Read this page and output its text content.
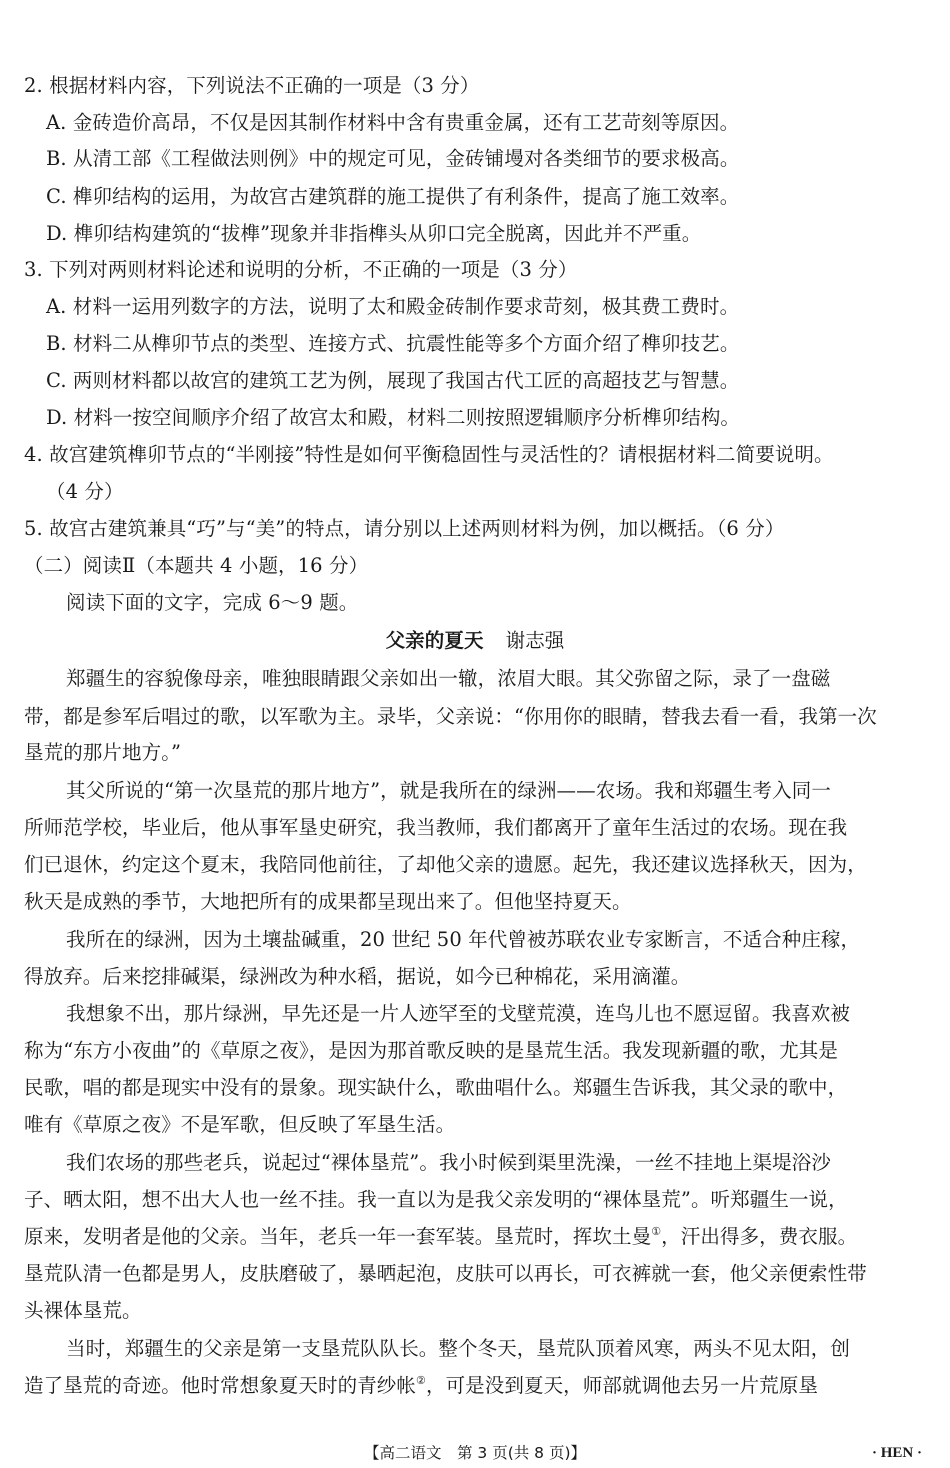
2. 根据材料内容，下列说法不正确的一项是（3 分）
A. 金砖造价高昂，不仅是因其制作材料中含有贵重金属，还有工艺苛刻等原因。
B. 从清工部《工程做法则例》中的规定可见，金砖铺墁对各类细节的要求极高。
C. 榫卯结构的运用，为故宫古建筑群的施工提供了有利条件，提高了施工效率。
D. 榫卯结构建筑的“拔榫”现象并非指榫头从卯口完全脱离，因此并不严重。
3. 下列对两则材料论述和说明的分析，不正确的一项是（3 分）
A. 材料一运用列数字的方法，说明了太和殿金砖制作要求苛刻，极其费工费时。
B. 材料二从榫卯节点的类型、连接方式、抗震性能等多个方面介绍了榫卯技艺。
C. 两则材料都以故宫的建筑工艺为例，展现了我国古代工匠的高超技艺与智慧。
D. 材料一按空间顺序介绍了故宫太和殿，材料二则按照逻辑顺序分析榫卯结构。
4. 故宫建筑榫卯节点的“半刚接”特性是如何平衡稳固性与灵活性的？请根据材料二简要说明。
（4 分）
5. 故宫古建筑兼具“巧”与“美”的特点，请分别以上述两则材料为例，加以概括。（6 分）
（二）阅读Ⅱ（本题共 4 小题，16 分）
阅读下面的文字，完成 6～9 题。
父亲的夏天 谢志强
郑疆生的容貌像母亲，唯独眼睛跟父亲如出一辙，浓眉大眼。其父弥留之际，录了一盘磁
带，都是参军后唱过的歌，以军歌为主。录毕，父亲说：“你用你的眼睛，替我去看一看，我第一次
垦荒的那片地方。”
其父所说的“第一次垦荒的那片地方”，就是我所在的绿洲——农场。我和郑疆生考入同一
所师范学校，毕业后，他从事军垦史研究，我当教师，我们都离开了童年生活过的农场。现在我
们已退休，约定这个夏末，我陪同他前往，了却他父亲的遗愿。起先，我还建议选择秋天，因为，
秋天是成熟的季节，大地把所有的成果都呈现出来了。但他坚持夏天。
我所在的绿洲，因为土壤盐碱重，20 世纪 50 年代曾被苏联农业专家断言，不适合种庄稼，
得放弃。后来挖排碱渠，绿洲改为种水稻，据说，如今已种棉花，采用滴灌。
我想象不出，那片绿洲，早先还是一片人迹罕至的戈壁荒漠，连鸟儿也不愿逗留。我喜欢被
称为“东方小夜曲”的《草原之夜》，是因为那首歌反映的是垦荒生活。我发现新疆的歌，尤其是
民歌，唱的都是现实中没有的景象。现实缺什么，歌曲唱什么。郑疆生告诉我，其父录的歌中，
唯有《草原之夜》不是军歌，但反映了军垦生活。
我们农场的那些老兵，说起过“裸体垦荒”。我小时候到渠里洗澡，一丝不挂地上渠堤浴沙
子、晒太阳，想不出大人也一丝不挂。我一直以为是我父亲发明的“裸体垦荒”。听郑疆生一说，
原来，发明者是他的父亲。当年，老兵一年一套军装。垦荒时，挥坎土曼①，汗出得多，费衣服。
垦荒队清一色都是男人，皮肤磨破了，暴晒起泡，皮肤可以再长，可衣裤就一套，他父亲便索性带
头裸体垦荒。
当时，郑疆生的父亲是第一支垦荒队队长。整个冬天，垦荒队顶着风寒，两头不见太阳，创
造了垦荒的奇迹。他时常想象夏天时的青纱帐②，可是没到夏天，师部就调他去另一片荒原垦
【高二语文　第 3 页(共 8 页)】	· HEN ·
